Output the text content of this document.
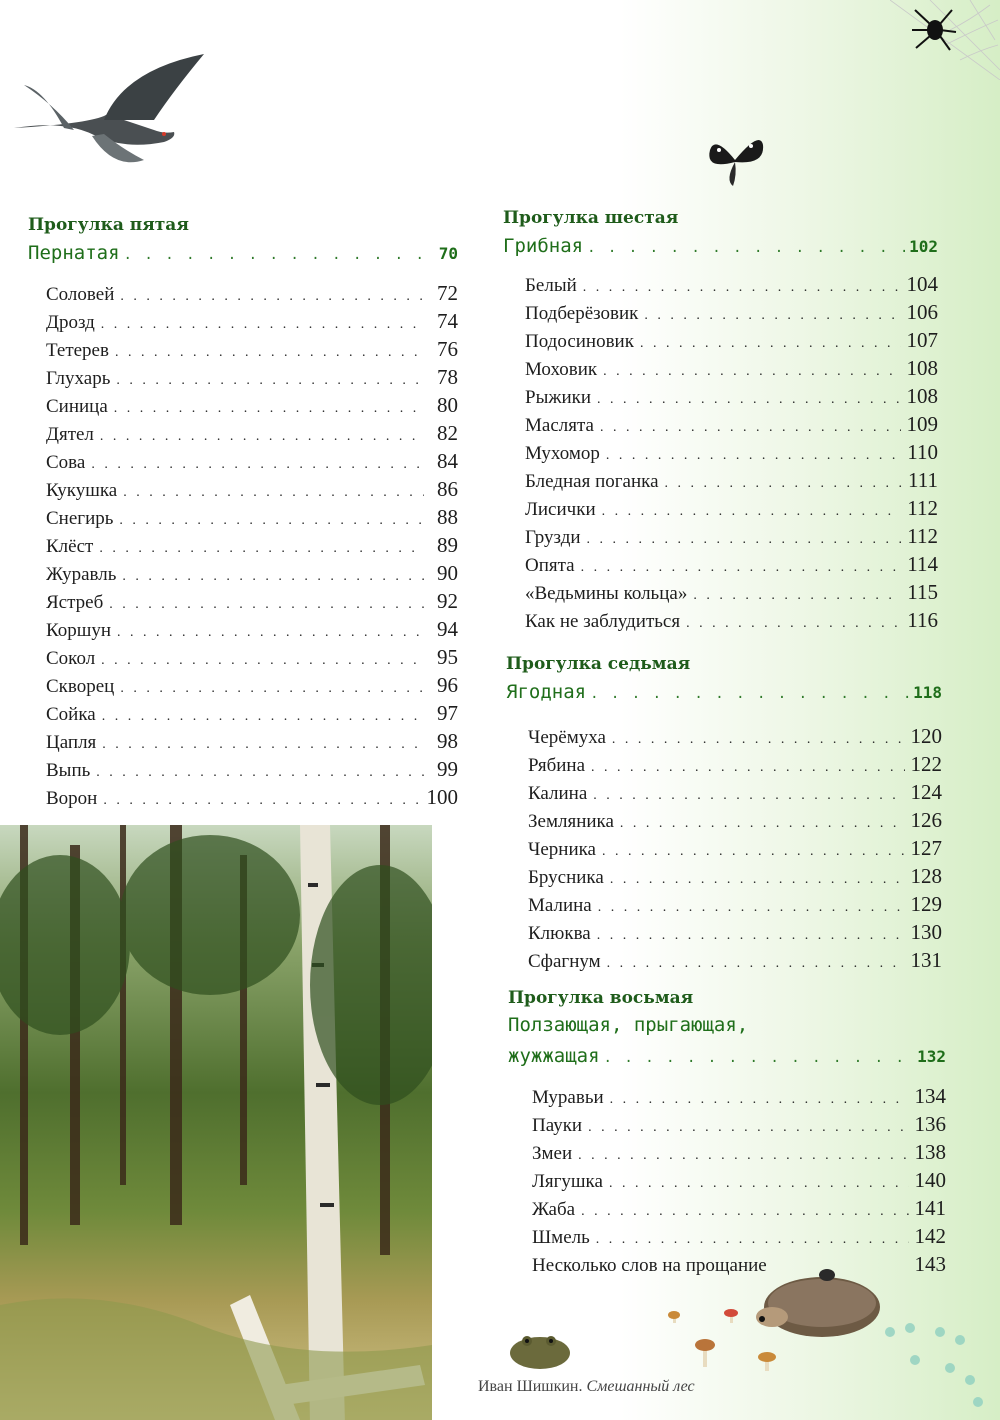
Прогулка пятая
Пернатая . . .	70
Соловей . . .	72
Дрозд . . .	74
Тетерев . . .	76
Глухарь . . .	78
Синица . . .	80
Дятел . . .	82
Сова . . .	84
Кукушка . . .	86
Снегирь . . .	88
Клёст . . .	89
Журавль . . .	90
Ястреб . . .	92
Коршун . . .	94
Сокол . . .	95
Скворец . . .	96
Сойка . . .	97
Цапля . . .	98
Выпь . . .	99
Ворон . . .	100
Прогулка шестая
Грибная . . .	102
Белый . . .	104
Подберёзовик . . .	106
Подосиновик . . .	107
Моховик . . .	108
Рыжики . . .	108
Маслята . . .	109
Мухомор . . .	110
Бледная поганка . . .	111
Лисички . . .	112
Грузди . . .	112
Опята . . .	114
«Ведьмины кольца» . . .	115
Как не заблудиться . . .	116
Прогулка седьмая
Ягодная . . .	118
Черёмуха . . .	120
Рябина . . .	122
Калина . . .	124
Земляника . . .	126
Черника . . .	127
Брусника . . .	128
Малина . . .	129
Клюква . . .	130
Сфагнум . . .	131
Прогулка восьмая
Ползающая, прыгающая,
жужжащая . . .	132
Муравьи . . .	134
Пауки . . .	136
Змеи . . .	138
Лягушка . . .	140
Жаба . . .	141
Шмель . . .	142
Несколько слов на прощание	143
Иван Шишкин. Смешанный лес
